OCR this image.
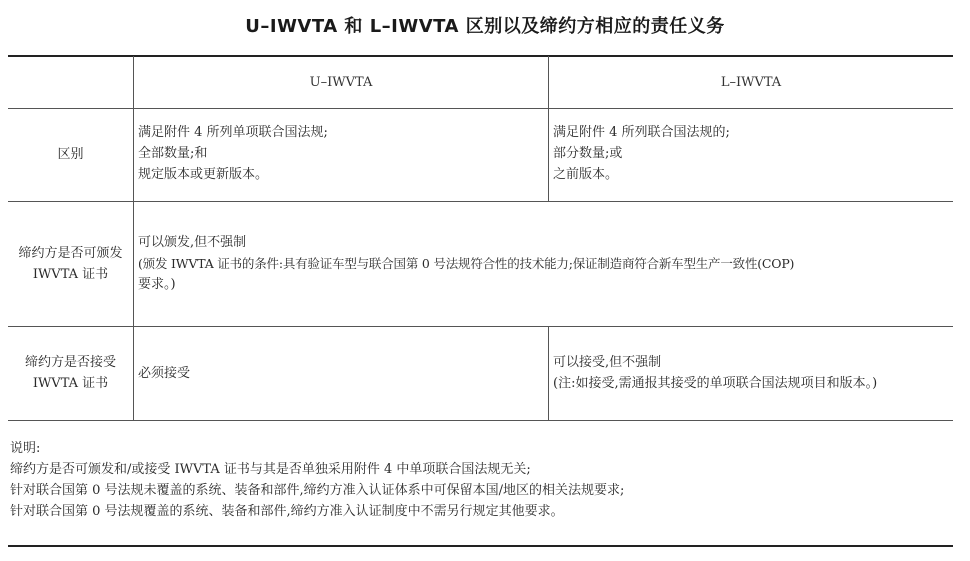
U–IWVTA 和 L–IWVTA 区别以及缔约方相应的责任义务
U–IWVTA	L–IWVTA
区别
满足附件 4 所列单项联合国法规;
全部数量;和
规定版本或更新版本。
满足附件 4 所列联合国法规的;
部分数量;或
之前版本。
缔约方是否可颁发
IWVTA 证书
可以颁发,但不强制
(颁发 IWVTA 证书的条件:具有验证车型与联合国第 0 号法规符合性的技术能力;保证制造商符合新车型生产一致性(COP)
要求。)
缔约方是否接受
IWVTA 证书
必须接受
可以接受,但不强制
(注:如接受,需通报其接受的单项联合国法规项目和版本。)
说明:
缔约方是否可颁发和/或接受 IWVTA 证书与其是否单独采用附件 4 中单项联合国法规无关;
针对联合国第 0 号法规未覆盖的系统、装备和部件,缔约方准入认证体系中可保留本国/地区的相关法规要求;
针对联合国第 0 号法规覆盖的系统、装备和部件,缔约方准入认证制度中不需另行规定其他要求。
